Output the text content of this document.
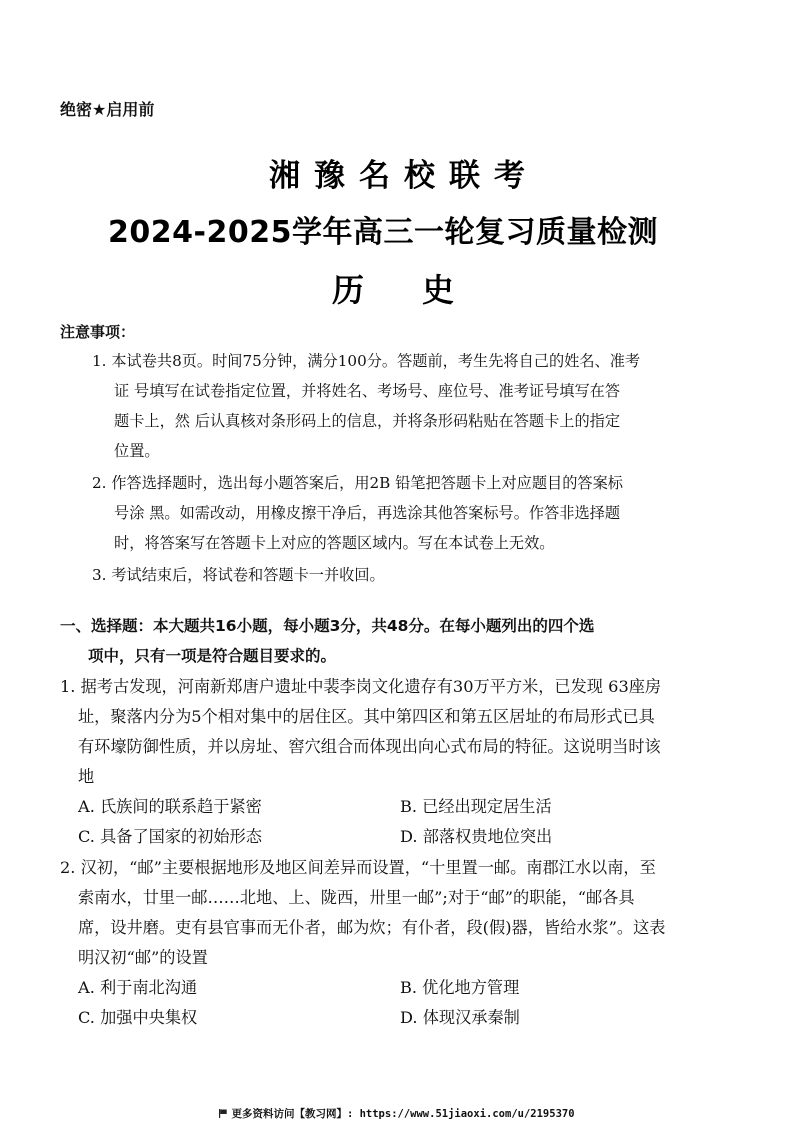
绝密★启用前
湘豫名校联考
2024-2025学年高三一轮复习质量检测
历史
注意事项：

1. 本试卷共8页。时间75分钟，满分100分。答题前，考生先将自己的姓名、准考

证 号填写在试卷指定位置，并将姓名、考场号、座位号、准考证号填写在答

题卡上，然 后认真核对条形码上的信息，并将条形码粘贴在答题卡上的指定

位置。

2. 作答选择题时，选出每小题答案后，用2B 铅笔把答题卡上对应题目的答案标

号涂 黑。如需改动，用橡皮擦干净后，再选涂其他答案标号。作答非选择题

时，将答案写在答题卡上对应的答题区域内。写在本试卷上无效。

3. 考试结束后，将试卷和答题卡一并收回。

一、选择题：本大题共16小题，每小题3分，共48分。在每小题列出的四个选
项中，只有一项是符合题目要求的。
1. 据考古发现，河南新郑唐户遗址中裴李岗文化遗存有30万平方米，已发现 63座房
址，聚落内分为5个相对集中的居住区。其中第四区和第五区居址的布局形式已具
有环壕防御性质，并以房址、窖穴组合而体现出向心式布局的特征。这说明当时该
地
A. 氏族间的联系趋于紧密	B. 已经出现定居生活
C. 具备了国家的初始形态	D. 部落权贵地位突出
2. 汉初，“邮”主要根据地形及地区间差异而设置，“十里置一邮。南郡江水以南，至
索南水，廿里一邮……北地、上、陇西，卅里一邮”;对于“邮”的职能，“邮各具
席，设井磨。吏有县官事而无仆者，邮为炊；有仆者，段(假)器，皆给水浆”。这表
明汉初“邮”的设置
A. 利于南北沟通	B. 优化地方管理
C. 加强中央集权	D. 体现汉承秦制
更多资料访问【教习网】: https://www.51jiaoxi.com/u/2195370
